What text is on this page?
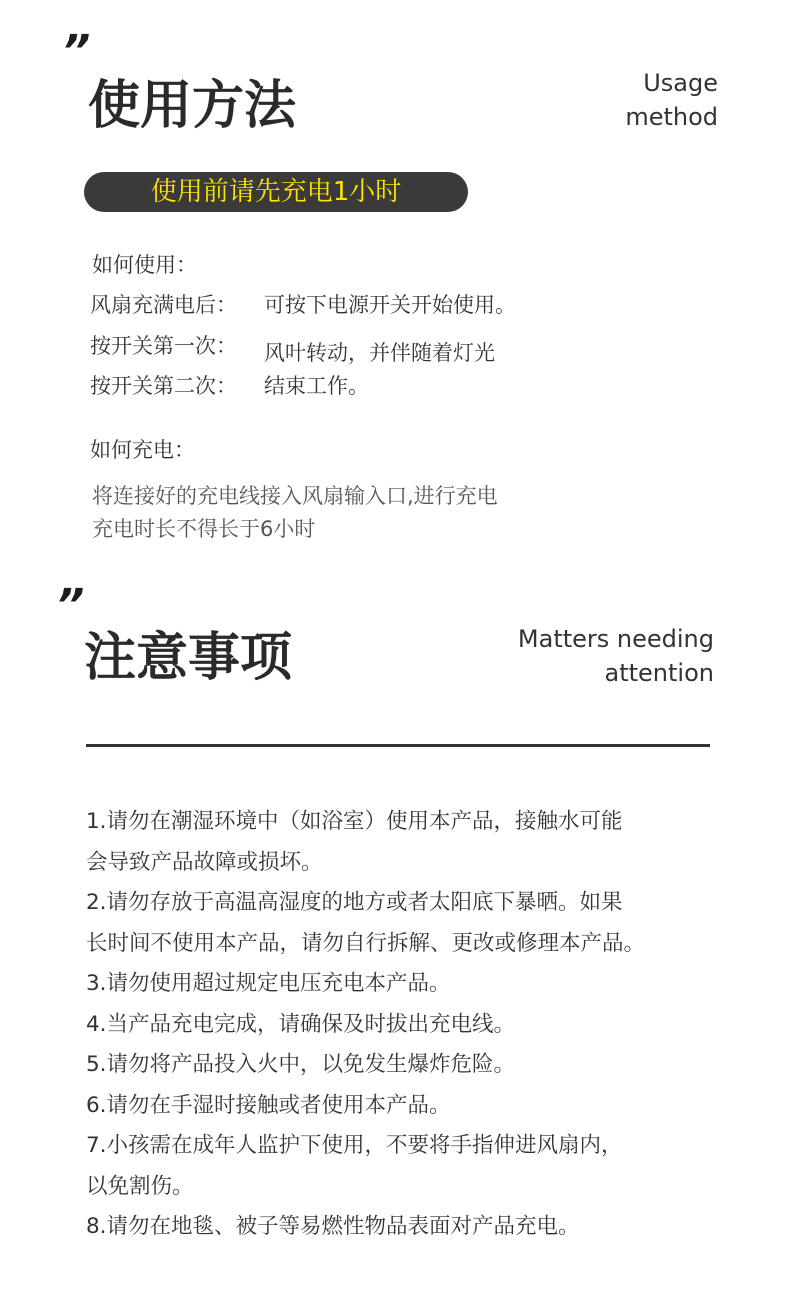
”
使用方法	Usage
method
使用前请先充电1小时
如何使用：
风扇充满电后： 可按下电源开关开始使用。
按开关第一次： 风叶转动，并伴随着灯光
按开关第二次： 结束工作。
如何充电：
将连接好的充电线接入风扇输入口,进行充电
充电时长不得长于6小时
”
注意事项	Matters needing
attention
1.请勿在潮湿环境中（如浴室）使用本产品，接触水可能
会导致产品故障或损坏。
2.请勿存放于高温高湿度的地方或者太阳底下暴晒。如果
长时间不使用本产品，请勿自行拆解、更改或修理本产品。
3.请勿使用超过规定电压充电本产品。
4.当产品充电完成，请确保及时拔出充电线。
5.请勿将产品投入火中，以免发生爆炸危险。
6.请勿在手湿时接触或者使用本产品。
7.小孩需在成年人监护下使用，不要将手指伸进风扇内，
以免割伤。
8.请勿在地毯、被子等易燃性物品表面对产品充电。
